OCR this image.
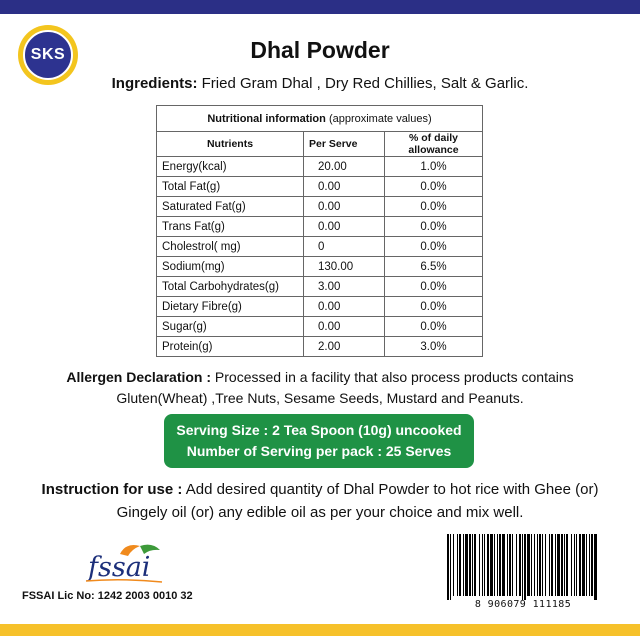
SKS	Dhal Powder
Ingredients: Fried Gram Dhal , Dry Red Chillies, Salt & Garlic.
Nutritional information (approximate values)		
Nutrients	Per Serve	% of daily allowance
Energy(kcal)	20.00	1.0%
Total Fat(g)	0.00	0.0%
Saturated Fat(g)	0.00	0.0%
Trans Fat(g)	0.00	0.0%
Cholestrol( mg)	0	0.0%
Sodium(mg)	130.00	6.5%
Total Carbohydrates(g)	3.00	0.0%
Dietary Fibre(g)	0.00	0.0%
Sugar(g)	0.00	0.0%
Protein(g)	2.00	3.0%
Allergen Declaration : Processed in a facility that also process products contains Gluten(Wheat) ,Tree Nuts, Sesame Seeds, Mustard and Peanuts.
Serving Size : 2 Tea Spoon (10g) uncooked
Number of Serving per pack : 25 Serves
Instruction for use : Add desired quantity of Dhal Powder to hot rice with Ghee (or) Gingely oil (or) any edible oil as per your choice and mix well.
fssai
FSSAI Lic No: 1242 2003 0010 32
8 906079 111185
